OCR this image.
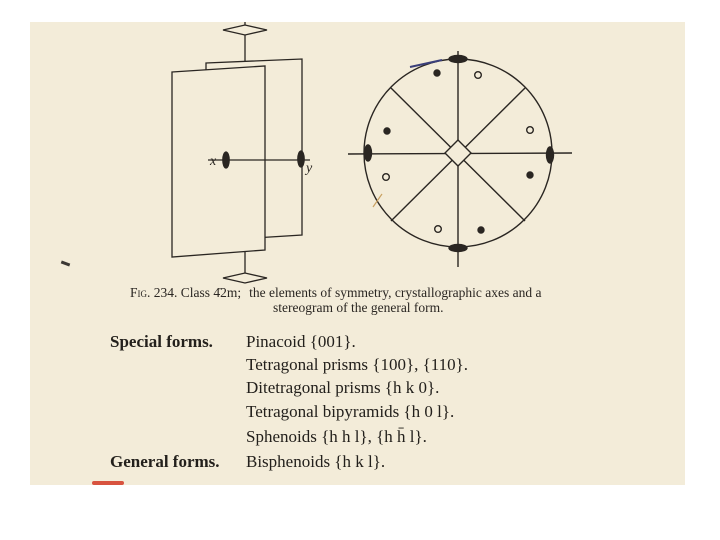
x	y
Fig. 234. Class 4̄2m; the elements of symmetry, crystallographic axes and a
stereogram of the general form.
Special forms. Pinacoid {001}.
Tetragonal prisms {100}, {110}.
Ditetragonal prisms {h k 0}.
Tetragonal bipyramids {h 0 l}.
Sphenoids {h h l}, {h h̄ l}.
General forms. Bisphenoids {h k l}.
